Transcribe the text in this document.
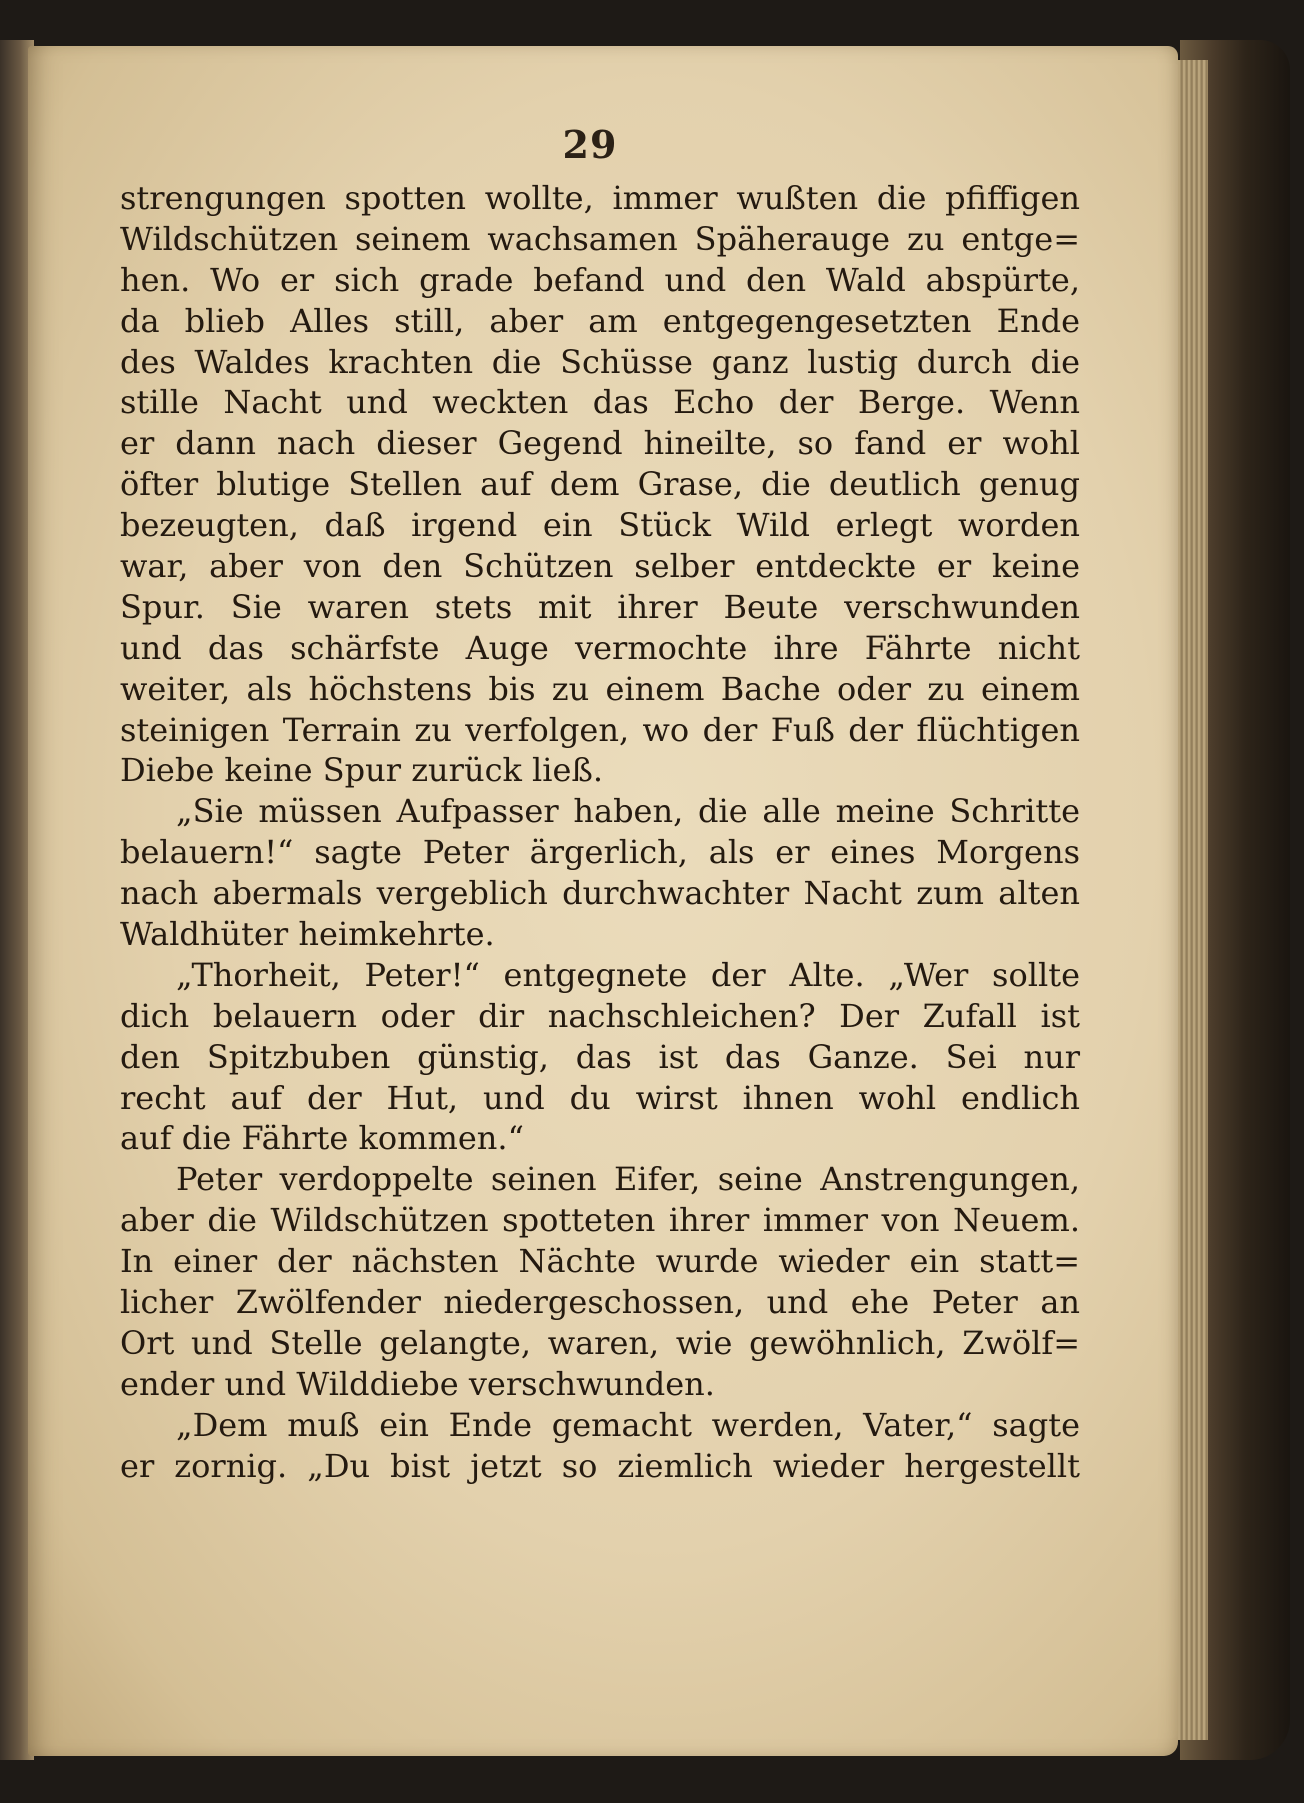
29
strengungen spotten wollte, immer wußten die pfiffigen
Wildschützen seinem wachsamen Späherauge zu entge=
hen. Wo er sich grade befand und den Wald abspürte,
da blieb Alles still, aber am entgegengesetzten Ende
des Waldes krachten die Schüsse ganz lustig durch die
stille Nacht und weckten das Echo der Berge. Wenn
er dann nach dieser Gegend hineilte, so fand er wohl
öfter blutige Stellen auf dem Grase, die deutlich genug
bezeugten, daß irgend ein Stück Wild erlegt worden
war, aber von den Schützen selber entdeckte er keine
Spur. Sie waren stets mit ihrer Beute verschwunden
und das schärfste Auge vermochte ihre Fährte nicht
weiter, als höchstens bis zu einem Bache oder zu einem
steinigen Terrain zu verfolgen, wo der Fuß der flüchtigen
Diebe keine Spur zurück ließ.
„Sie müssen Aufpasser haben, die alle meine Schritte
belauern!“ sagte Peter ärgerlich, als er eines Morgens
nach abermals vergeblich durchwachter Nacht zum alten
Waldhüter heimkehrte.
„Thorheit, Peter!“ entgegnete der Alte. „Wer sollte
dich belauern oder dir nachschleichen? Der Zufall ist
den Spitzbuben günstig, das ist das Ganze. Sei nur
recht auf der Hut, und du wirst ihnen wohl endlich
auf die Fährte kommen.“
Peter verdoppelte seinen Eifer, seine Anstrengungen,
aber die Wildschützen spotteten ihrer immer von Neuem.
In einer der nächsten Nächte wurde wieder ein statt=
licher Zwölfender niedergeschossen, und ehe Peter an
Ort und Stelle gelangte, waren, wie gewöhnlich, Zwölf=
ender und Wilddiebe verschwunden.
„Dem muß ein Ende gemacht werden, Vater,“ sagte
er zornig. „Du bist jetzt so ziemlich wieder hergestellt
